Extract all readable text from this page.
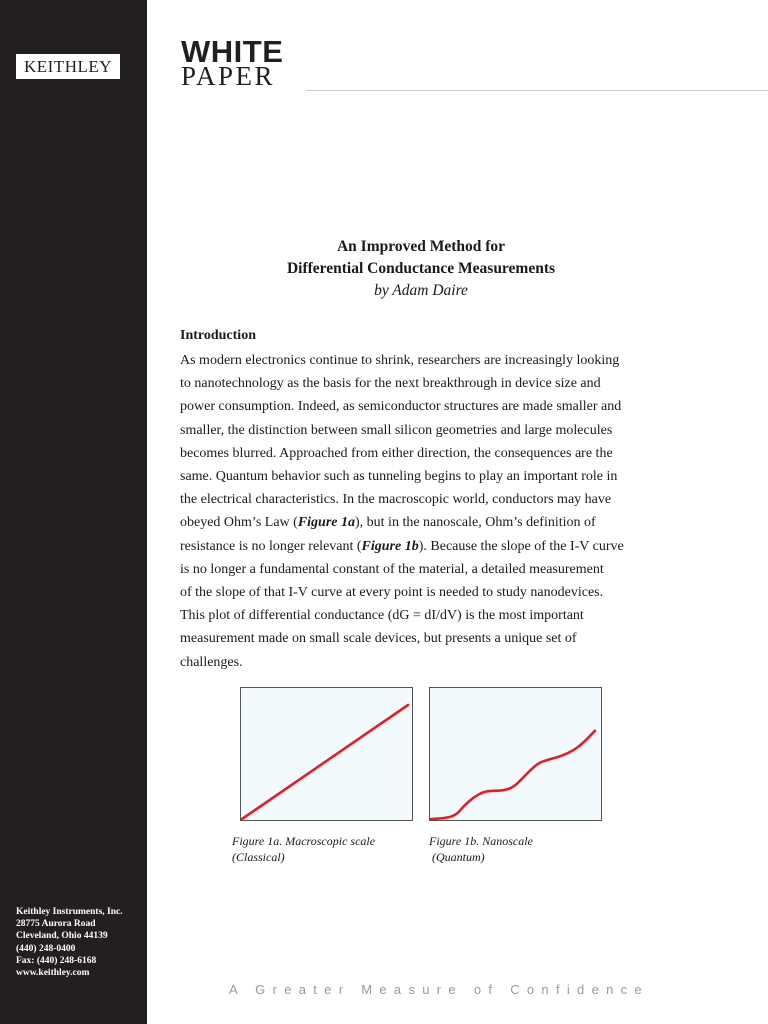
KEITHLEY
Keithley Instruments, Inc.
28775 Aurora Road
Cleveland, Ohio 44139
(440) 248-0400
Fax: (440) 248-6168
www.keithley.com
WHITE
PAPER
An Improved Method for
Differential Conductance Measurements
by Adam Daire
Introduction
As modern electronics continue to shrink, researchers are increasingly looking
to nanotechnology as the basis for the next breakthrough in device size and
power consumption. Indeed, as semiconductor structures are made smaller and
smaller, the distinction between small silicon geometries and large molecules
becomes blurred. Approached from either direction, the consequences are the
same. Quantum behavior such as tunneling begins to play an important role in
the electrical characteristics. In the macroscopic world, conductors may have
obeyed Ohm’s Law (Figure 1a), but in the nanoscale, Ohm’s definition of
resistance is no longer relevant (Figure 1b). Because the slope of the I-V curve
is no longer a fundamental constant of the material, a detailed measurement
of the slope of that I-V curve at every point is needed to study nanodevices.
This plot of differential conductance (dG = dI/dV) is the most important
measurement made on small scale devices, but presents a unique set of
challenges.
Figure 1a. Macroscopic scale
(Classical)
Figure 1b. Nanoscale
(Quantum)
A Greater Measure of Confidence
